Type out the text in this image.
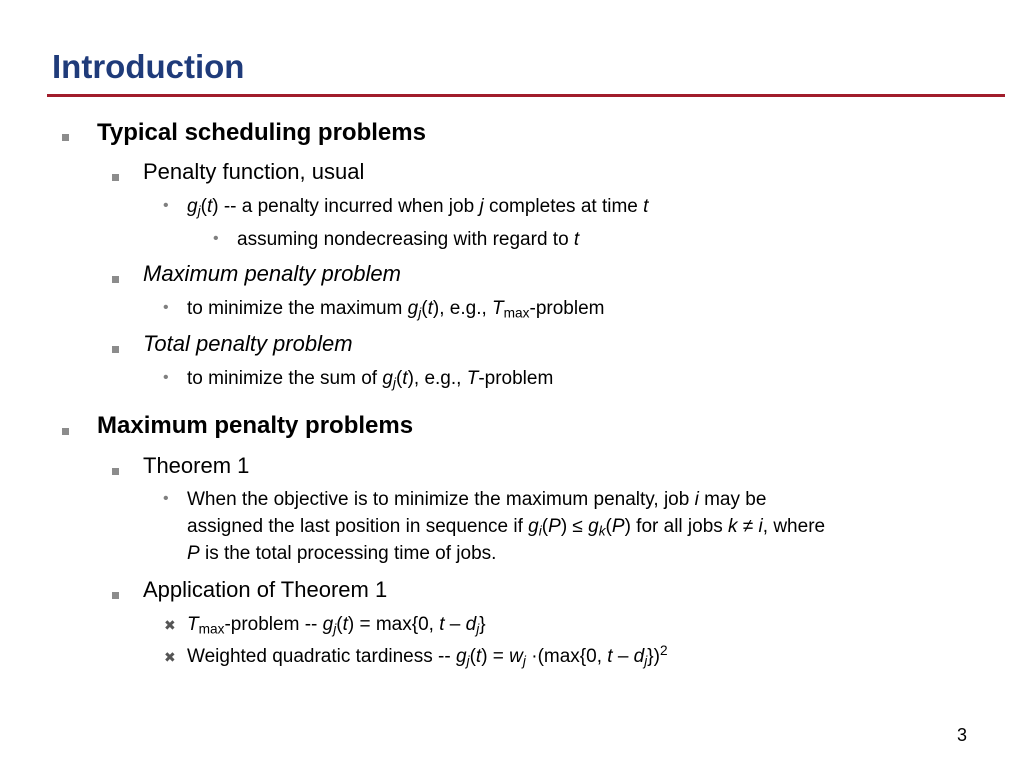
Introduction
Typical scheduling problems
Penalty function, usual
• $g_j(t)$ -- a penalty incurred when job j completes at time t
• assuming nondecreasing with regard to t
Maximum penalty problem
• to minimize the maximum $g_j(t)$, e.g., $T_{max}$-problem
Total penalty problem
• to minimize the sum of $g_j(t)$, e.g., T-problem
Maximum penalty problems
Theorem 1
• When the objective is to minimize the maximum penalty, job i may be
assigned the last position in sequence if $g_i(P) \le g_k(P)$ for all jobs k ≠ i, where
P is the total processing time of jobs.
Application of Theorem 1
✖ $T_{max}$-problem -- $g_j(t) = \max\{0$, t – $d_j$}
✖ Weighted quadratic tardiness -- $g_j(t) = w_j \cdot(\max\{0$, t – $d_j\})^2$
3
